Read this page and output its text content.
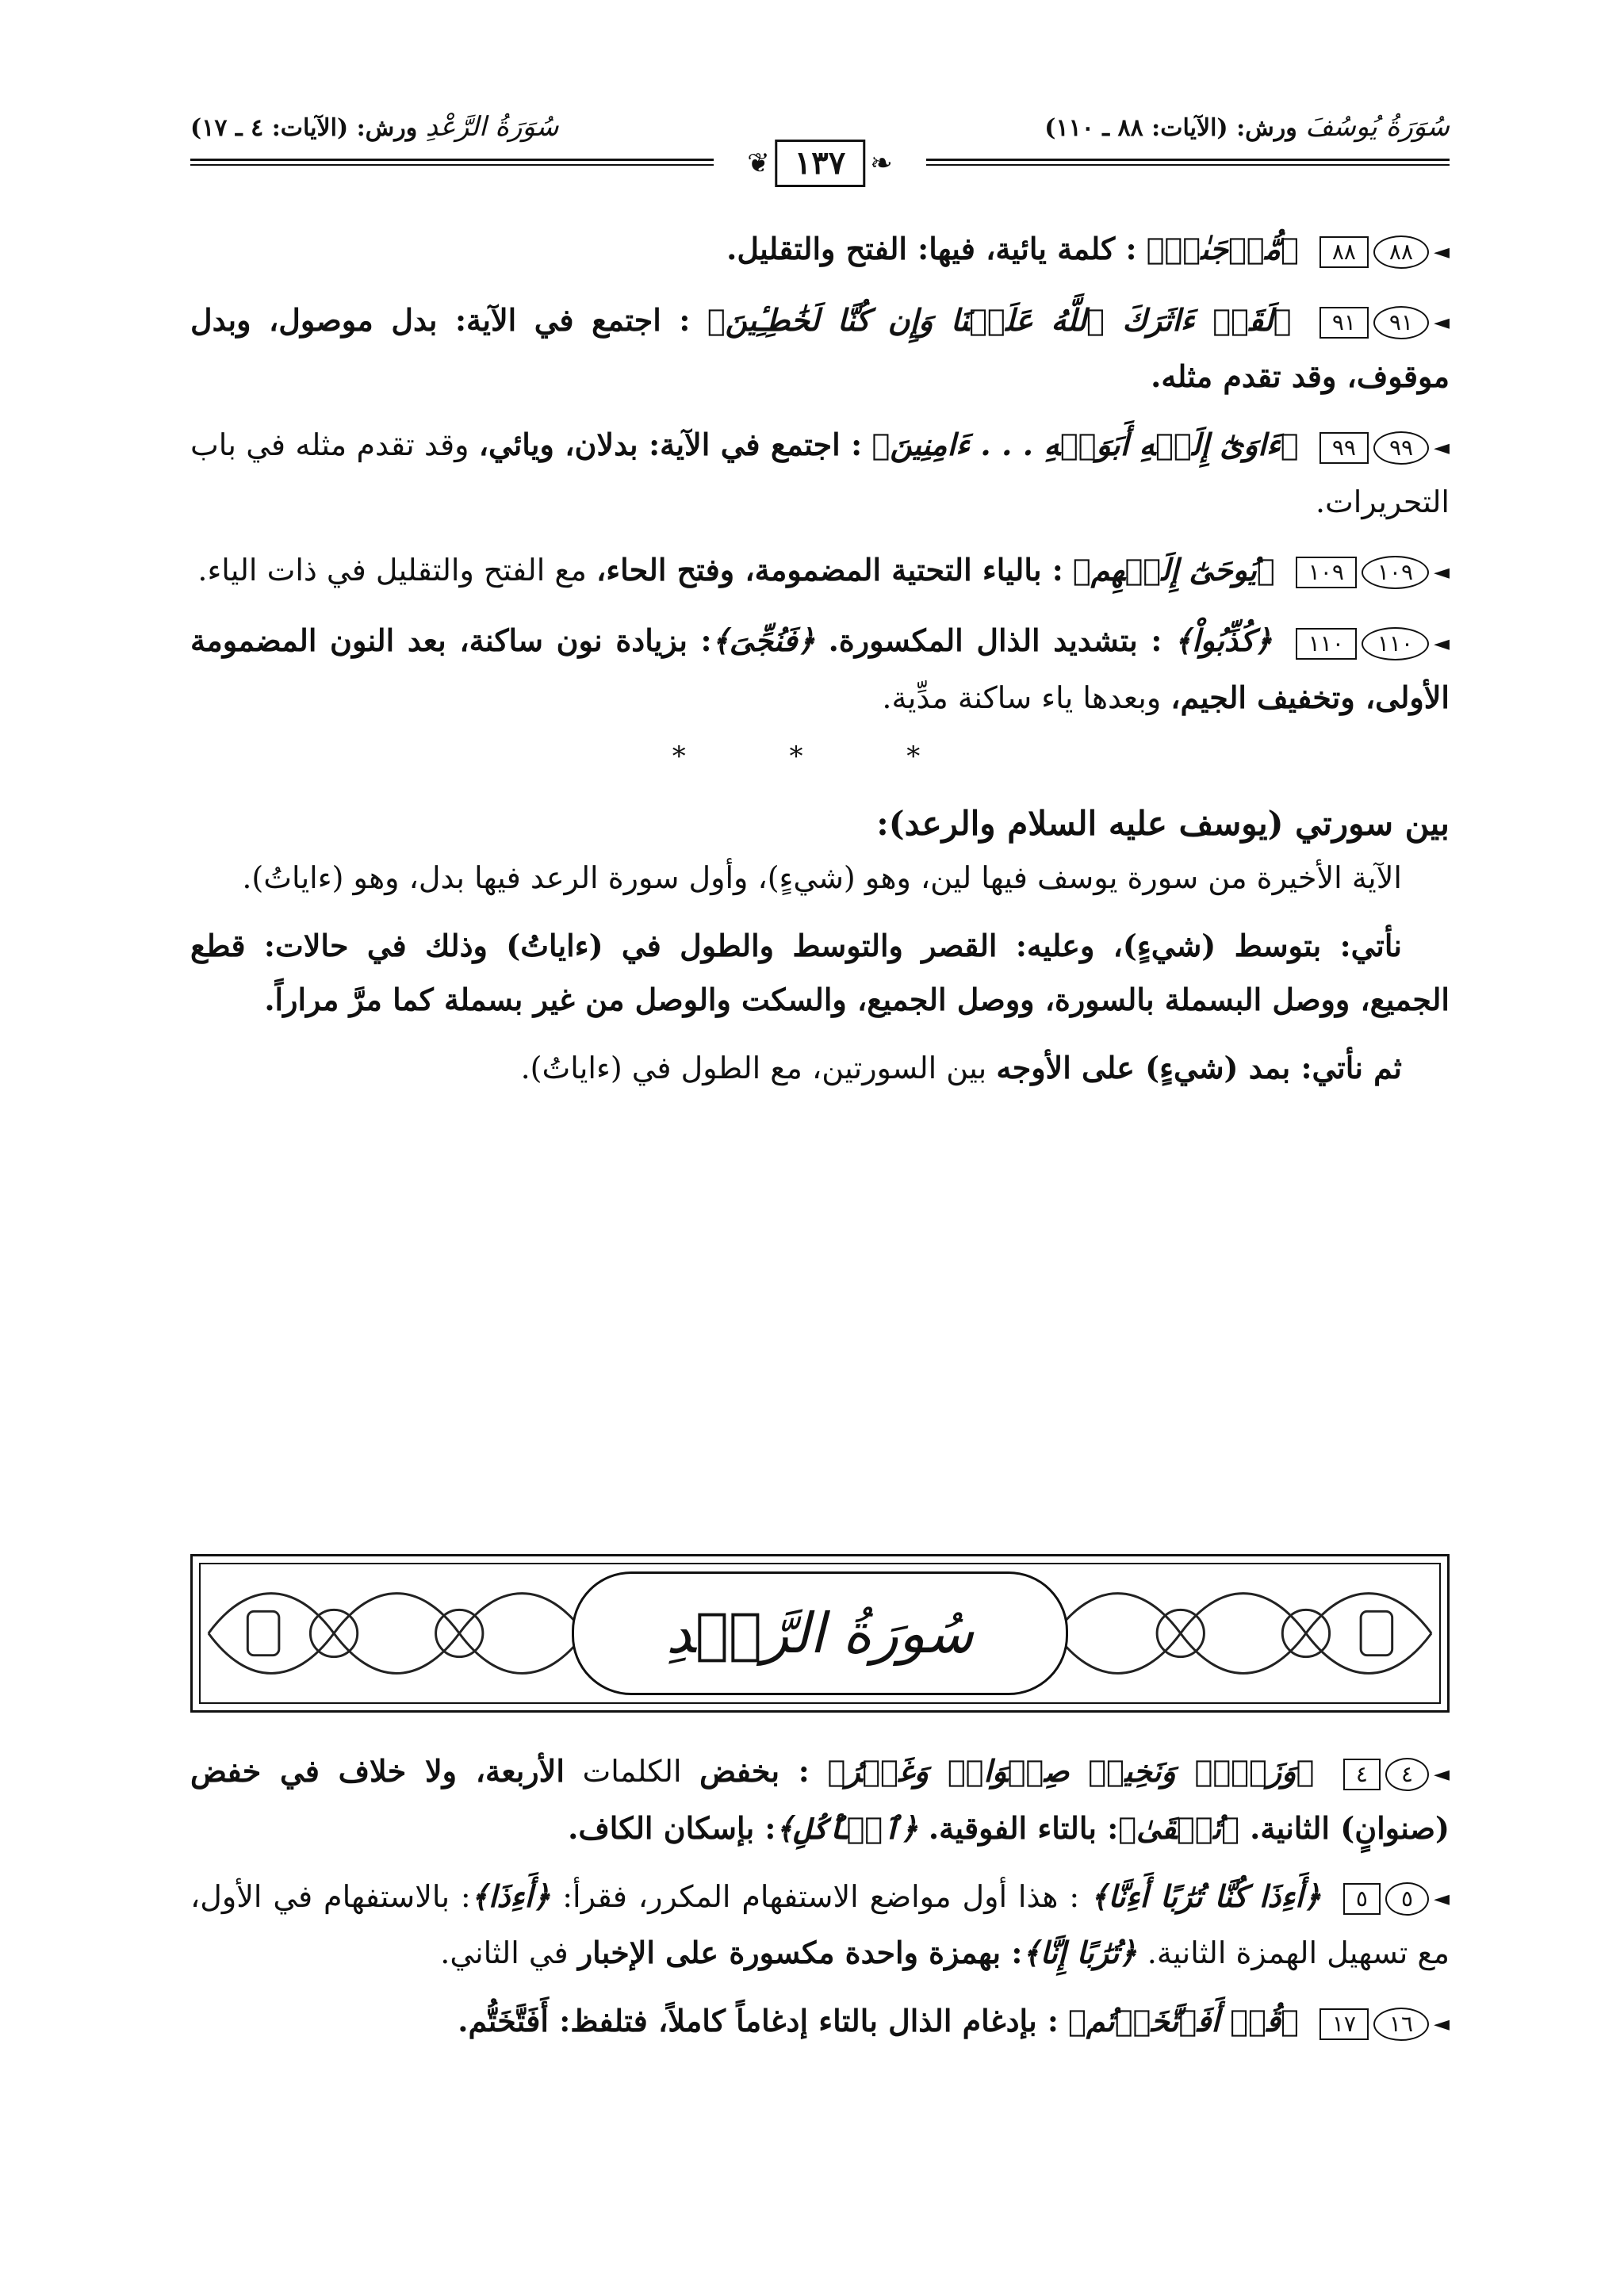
سُوَرَةُ يُوسُفَ ورش: (الآيات: ٨٨ ـ ١١٠)
سُوَرَةُ الرَّعْدِ ورش: (الآيات: ٤ ـ ١٧)
❧
١٣٧
❦

◄
٨٨
٨٨
﴿مُّزۡجَىٰةٖ﴾ : كلمة يائية، فيها: الفتح والتقليل.

◄
٩١
٩١
﴿لَقَدۡ ءَاثَرَكَ ٱللَّهُ عَلَيۡنَا وَإِن كُنَّا لَخَٰطِـِٔينَ﴾ : اجتمع في الآية: بدل موصول، وبدل موقوف، وقد تقدم مثله.

◄
٩٩
٩٩
﴿ءَاوَىٰٓ إِلَيۡهِ أَبَوَيۡهِ . . . ءَامِنِينَ﴾ : اجتمع في الآية: بدلان، ويائي، وقد تقدم مثله في باب التحريرات.

◄
١٠٩
١٠٩
﴿يُوحَىٰٓ إِلَيۡهِم﴾ : بالياء التحتية المضمومة، وفتح الحاء، مع الفتح والتقليل في ذات الياء.

◄
١١٠
١١٠
﴿كُذِّبُواْ﴾ : بتشديد الذال المكسورة. ﴿فَنُجِّىَ﴾: بزيادة نون ساكنة، بعد النون المضمومة الأولى، وتخفيف الجيم، وبعدها ياء ساكنة مدِّية.

* * *
بين سورتي (يوسف عليه السلام والرعد):

الآية الأخيرة من سورة يوسف فيها لين، وهو (شيءٍ)، وأول سورة الرعد فيها بدل، وهو (ءاياتُ).

نأتي: بتوسط (شيءٍ)، وعليه: القصر والتوسط والطول في (ءاياتُ) وذلك في حالات: قطع الجميع، ووصل البسملة بالسورة، ووصل الجميع، والسكت والوصل من غير بسملة كما مرَّ مراراً.

ثم نأتي: بمد (شيءٍ) على الأوجه بين السورتين، مع الطول في (ءاياتُ).

سُورَةُ الرَّعۡدِ

◄
٤
٤
﴿وَزَرۡعٞ وَنَخِيلٞ صِنۡوَانٞ وَغَيۡرُ﴾ : بخفض الكلمات الأربعة، ولا خلاف في خفض (صنوانٍ) الثانية. ﴿تُسۡقَىٰ﴾: بالتاء الفوقية. ﴿ٱلۡأُكُلِ﴾: بإسكان الكاف.

◄
٥
٥
﴿أَءِذَا كُنَّا تُرَٰبًا أَءِنَّا﴾ : هذا أول مواضع الاستفهام المكرر، فقرأ: ﴿أَءِذَا﴾: بالاستفهام في الأول، مع تسهيل الهمزة الثانية. ﴿تُرَٰبًا إِنَّا﴾: بهمزة واحدة مكسورة على الإخبار في الثاني.

◄
١٦
١٧
﴿قُلۡ أَفَٱتَّخَذۡتُم﴾ : بإدغام الذال بالتاء إدغاماً كاملاً، فتلفظ: أَفَتَّخَتُّم.
